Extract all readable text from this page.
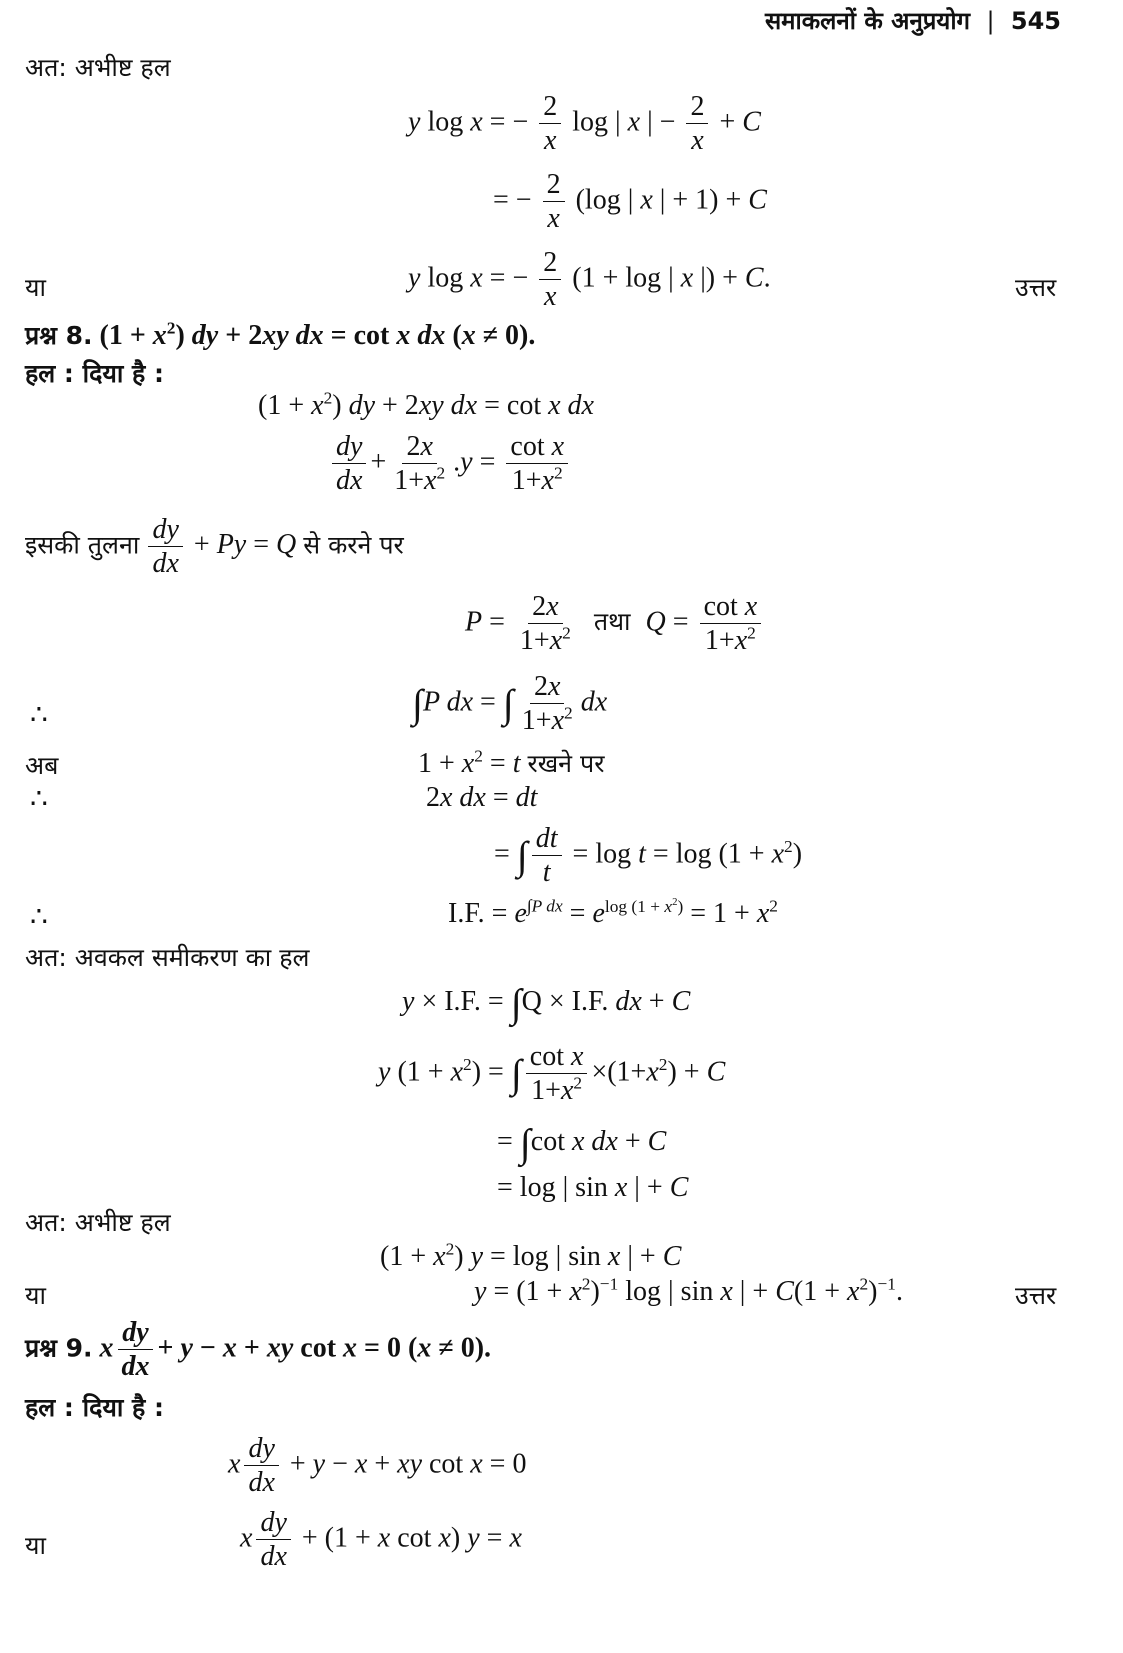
समाकलनों के अनुप्रयोग | 545
अत: अभीष्ट हल
y log x = − $\frac{2}{x}$ log | x | − $\frac{2}{x} + C$
= − $\frac{2}{x} (\log$ | x | + 1) + C
या	y log x = − $\frac{2}{x} (1 + \log$ | x |) + C.	उत्तर
प्रश्न 8. $(1 + x^2)$ dy + 2xy dx = cot x dx (x ≠ 0).
हल : दिया है :
$(1 + x^2)$ dy + 2xy dx = cot x dx
$\frac{dy}{dx} + \frac{2x}{1+x^2} .y = \frac{\text{cot x}}{1+x^2}$
इसकी तुलना $\frac{dy}{dx} + Py = Q$ से करने पर
$P = \frac{2x}{1+x^2}$ तथा $Q = \frac{\text{cot x}}{1+x^2}$
∴	∫P dx = ∫ $\frac{2x}{1+x^2}$ dx
अब	$1 + x^2 = t$ रखने पर
∴	2x dx = dt
= ∫ $\frac{dt}{t} = \log t = \log (1 + x^2)$
∴	I.F. = $e^{\int P dx} = e^{log (1 + x^2)} = 1 + x^2$
अत: अवकल समीकरण का हल
y × I.F. = ∫Q × I.F. dx + C
y $(1 + x^2)$ = ∫ $\frac{\text{cot x}}{1+x^2} \times(1+x^2) + C$
= ∫cot x dx + C
= log | sin x | + C
अत: अभीष्ट हल
$(1 + x^2)$ y = log | sin x | + C
या	$y = (1 + x^2)^{-1}$ log | sin x | + $C(1 + x^2)^{-1}$.	उत्तर
प्रश्न 9. x $\frac{dy}{dx} + y - x$ + xy cot x = 0 (x ≠ 0).
हल : दिया है :
x $\frac{dy}{dx} + y - x$ + xy cot x = 0
या	x $\frac{dy}{dx} + (1 + x$ cot x) y = x
